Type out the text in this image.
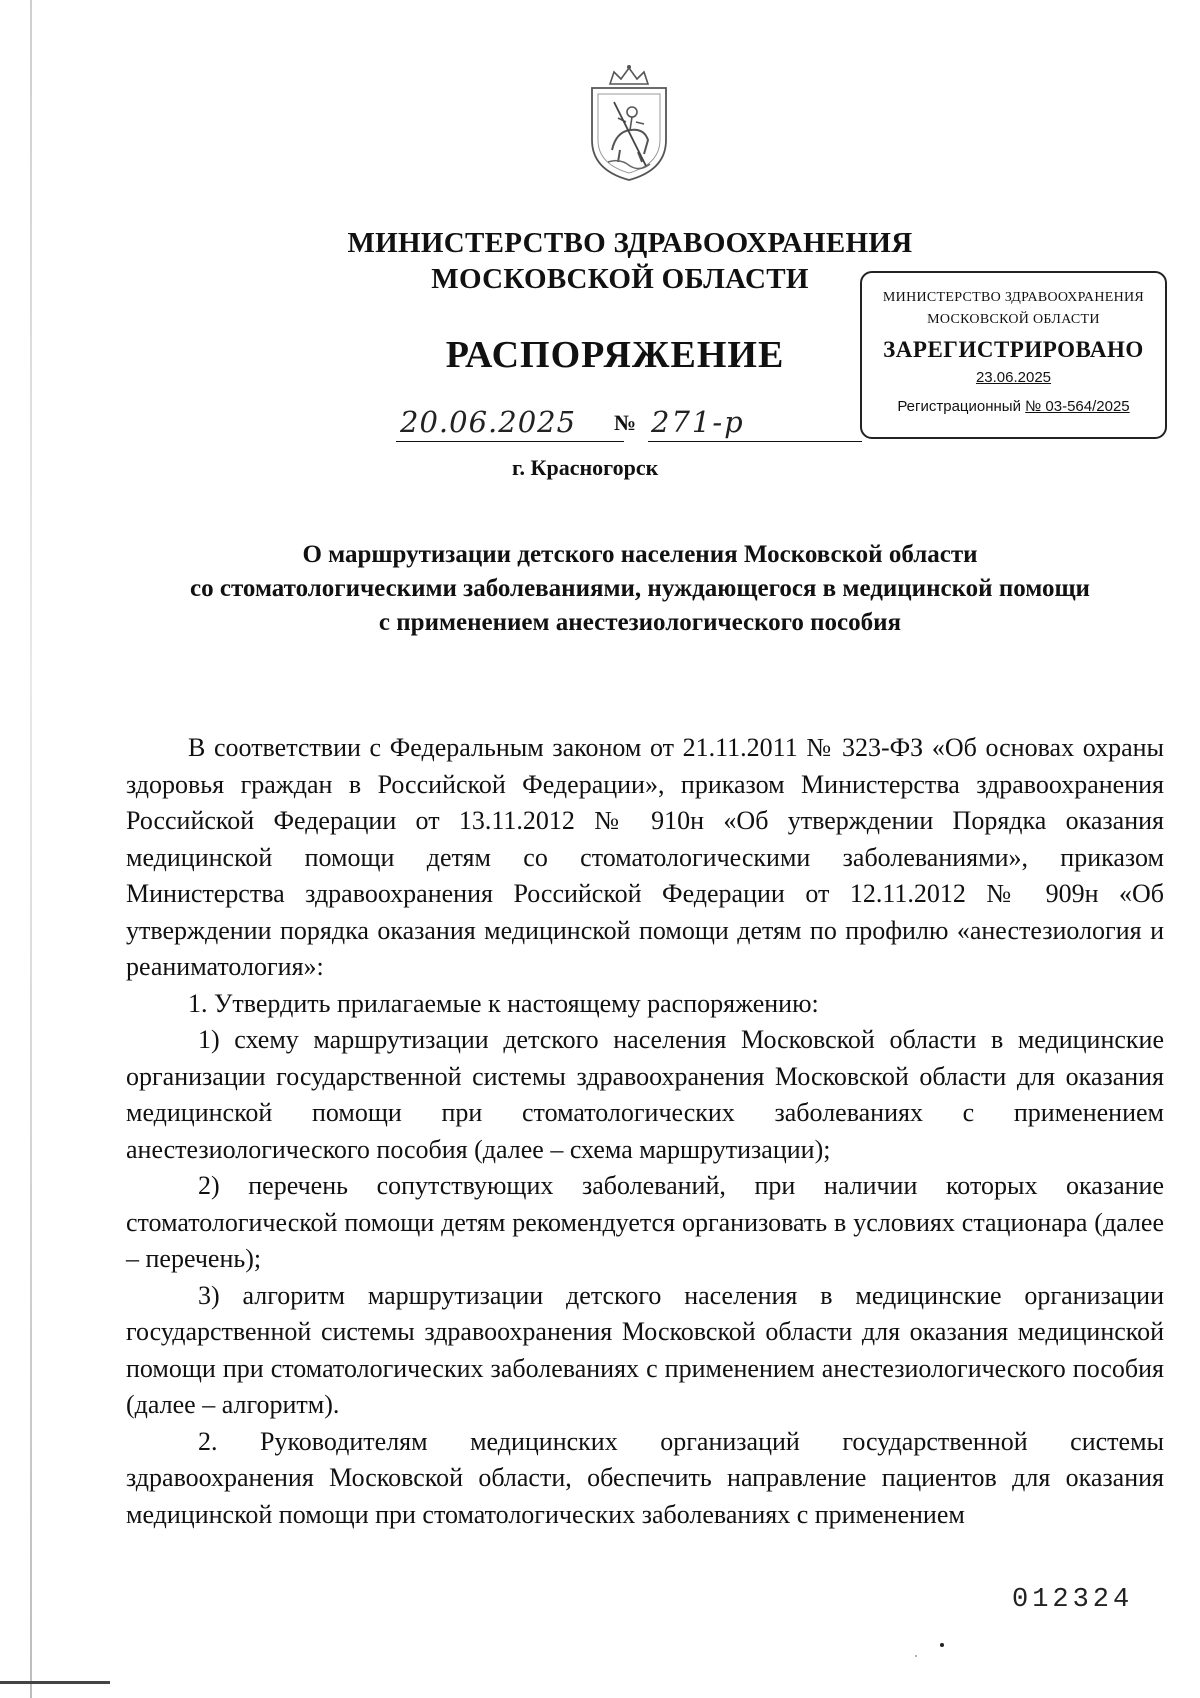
МИНИСТЕРСТВО ЗДРАВООХРАНЕНИЯ
МОСКОВСКОЙ ОБЛАСТИ
РАСПОРЯЖЕНИЕ
МИНИСТЕРСТВО ЗДРАВООХРАНЕНИЯ
МОСКОВСКОЙ ОБЛАСТИ
ЗАРЕГИСТРИРОВАНО
23.06.2025
Регистрационный № 03-564/2025
20.06.2025 № 271-р
г. Красногорск
О маршрутизации детского населения Московской области
со стоматологическими заболеваниями, нуждающегося в медицинской помощи
с применением анестезиологического пособия

В соответствии с Федеральным законом от 21.11.2011 № 323-ФЗ «Об основах охраны здоровья граждан в Российской Федерации», приказом Министерства здравоохранения Российской Федерации от 13.11.2012 № 910н «Об утверждении Порядка оказания медицинской помощи детям со стоматологическими заболеваниями», приказом Министерства здравоохранения Российской Федерации от 12.11.2012 № 909н «Об утверждении порядка оказания медицинской помощи детям по профилю «анестезиология и реаниматология»:

1. Утвердить прилагаемые к настоящему распоряжению:

1) схему маршрутизации детского населения Московской области в медицинские организации государственной системы здравоохранения Московской области для оказания медицинской помощи при стоматологических заболеваниях с применением анестезиологического пособия (далее – схема маршрутизации);

2) перечень сопутствующих заболеваний, при наличии которых оказание стоматологической помощи детям рекомендуется организовать в условиях стационара (далее – перечень);

3) алгоритм маршрутизации детского населения в медицинские организации государственной системы здравоохранения Московской области для оказания медицинской помощи при стоматологических заболеваниях с применением анестезиологического пособия (далее – алгоритм).

2. Руководителям медицинских организаций государственной системы здравоохранения Московской области, обеспечить направление пациентов для оказания медицинской помощи при стоматологических заболеваниях с применением

012324
